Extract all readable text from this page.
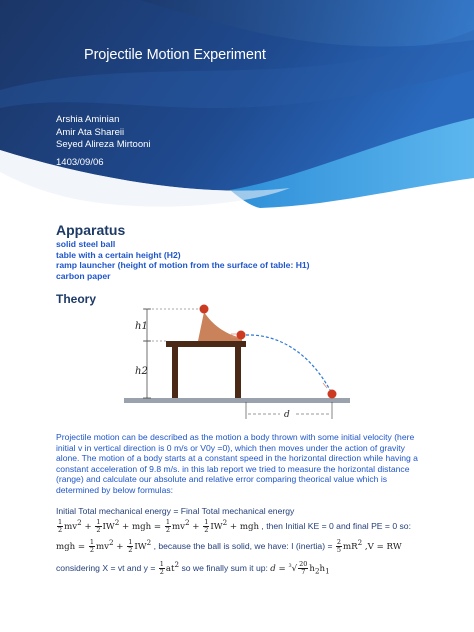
Projectile Motion Experiment
Arshia Aminian
Amir Ata Shareii
Seyed Alireza Mirtooni
1403/09/06
Apparatus
solid steel ball
table with a certain height (H2)
ramp launcher (height of motion from the surface of table: H1)
carbon paper
Theory
h1
h2
d

Projectile motion can be described as the motion a body thrown with some initial velocity (here initial v in vertical direction is 0 m/s or V0y =0), which then moves under the action of gravity alone. The motion of a body starts at a constant speed in the horizontal direction while having a constant acceleration of 9.8 m/s. in this lab report we tried to measure the horizontal distance (range) and calculate our absolute and relative error comparing theorical value which is determined by below formulas:

Initial Total mechanical energy = Final Total mechanical energy
$\frac{1}{2} mv^2 + \frac{1}{2} IW^2$ + mgh = $\frac{1}{2} mv^2 + \frac{1}{2} IW^2$ + mgh , then Initial KE = 0 and final PE = 0 so:
mgh = $\frac{1}{2} mv^2 + \frac{1}{2} IW^2$ , because the ball is solid, we have: I (inertia) = $\frac{2}{5} mR^2$ ,V = RW
considering X = vt and $y = \frac{1}{2} at^2$ so we finally sum it up: $d = ^3√ \frac{20}{7} h_2h_1$
